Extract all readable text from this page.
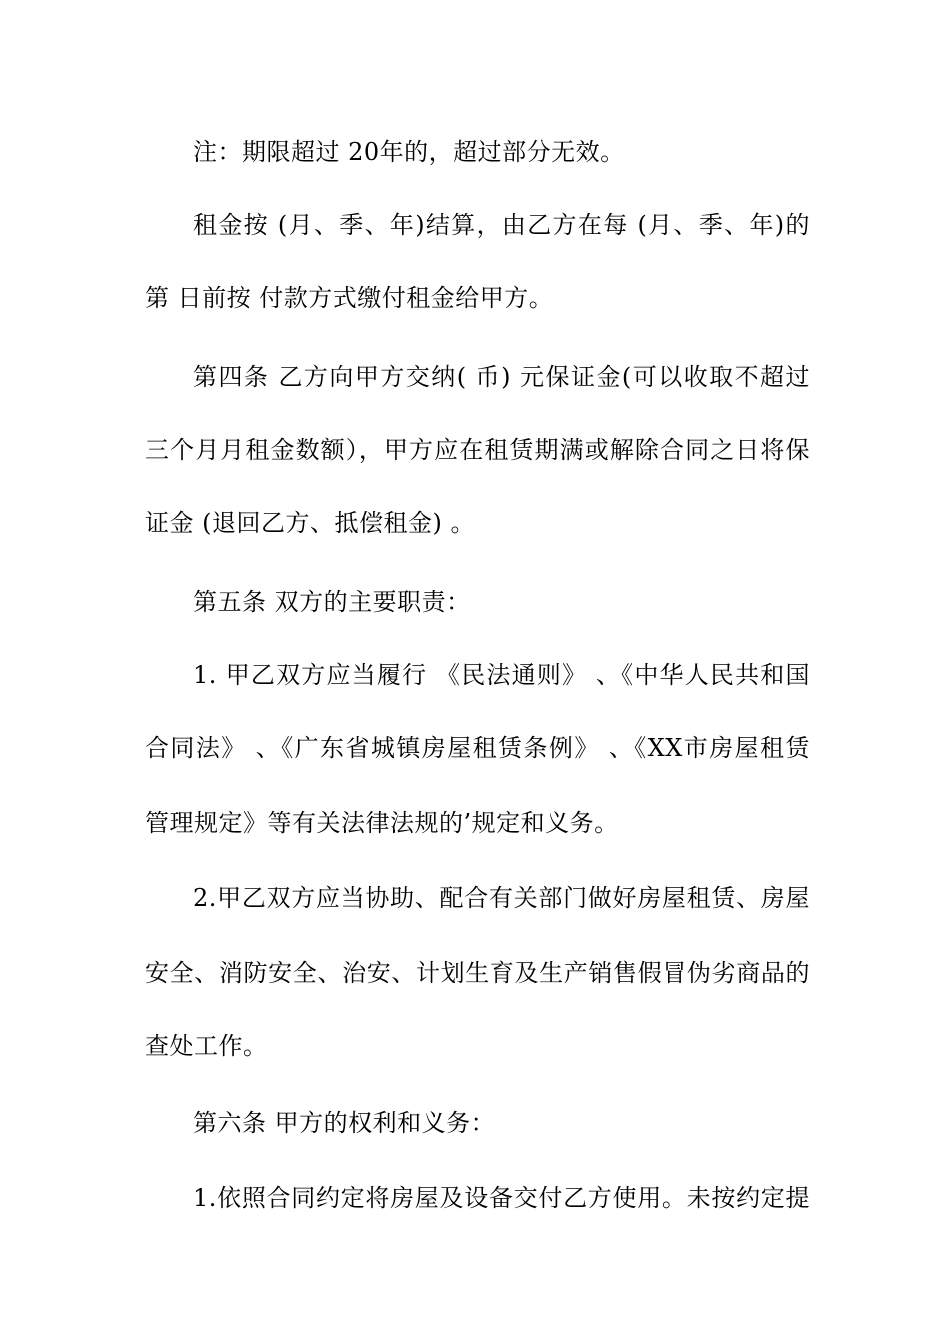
注：期限超过 20年的，超过部分无效。
租金按 (月、季、年)结算，由乙方在每 (月、季、年)的
第 日前按 付款方式缴付租金给甲方。
第四条 乙方向甲方交纳( 币) 元保证金(可以收取不超过
三个月月租金数额），甲方应在租赁期满或解除合同之日将保
证金 (退回乙方、抵偿租金) 。
第五条 双方的主要职责：
1. 甲乙双方应当履行 《民法通则》 、《中华人民共和国
合同法》 、《广东省城镇房屋租赁条例》 、《XX市房屋租赁
管理规定》等有关法律法规的’规定和义务。
2.甲乙双方应当协助、配合有关部门做好房屋租赁、房屋
安全、消防安全、治安、计划生育及生产销售假冒伪劣商品的
查处工作。
第六条 甲方的权利和义务：
1.依照合同约定将房屋及设备交付乙方使用。未按约定提
